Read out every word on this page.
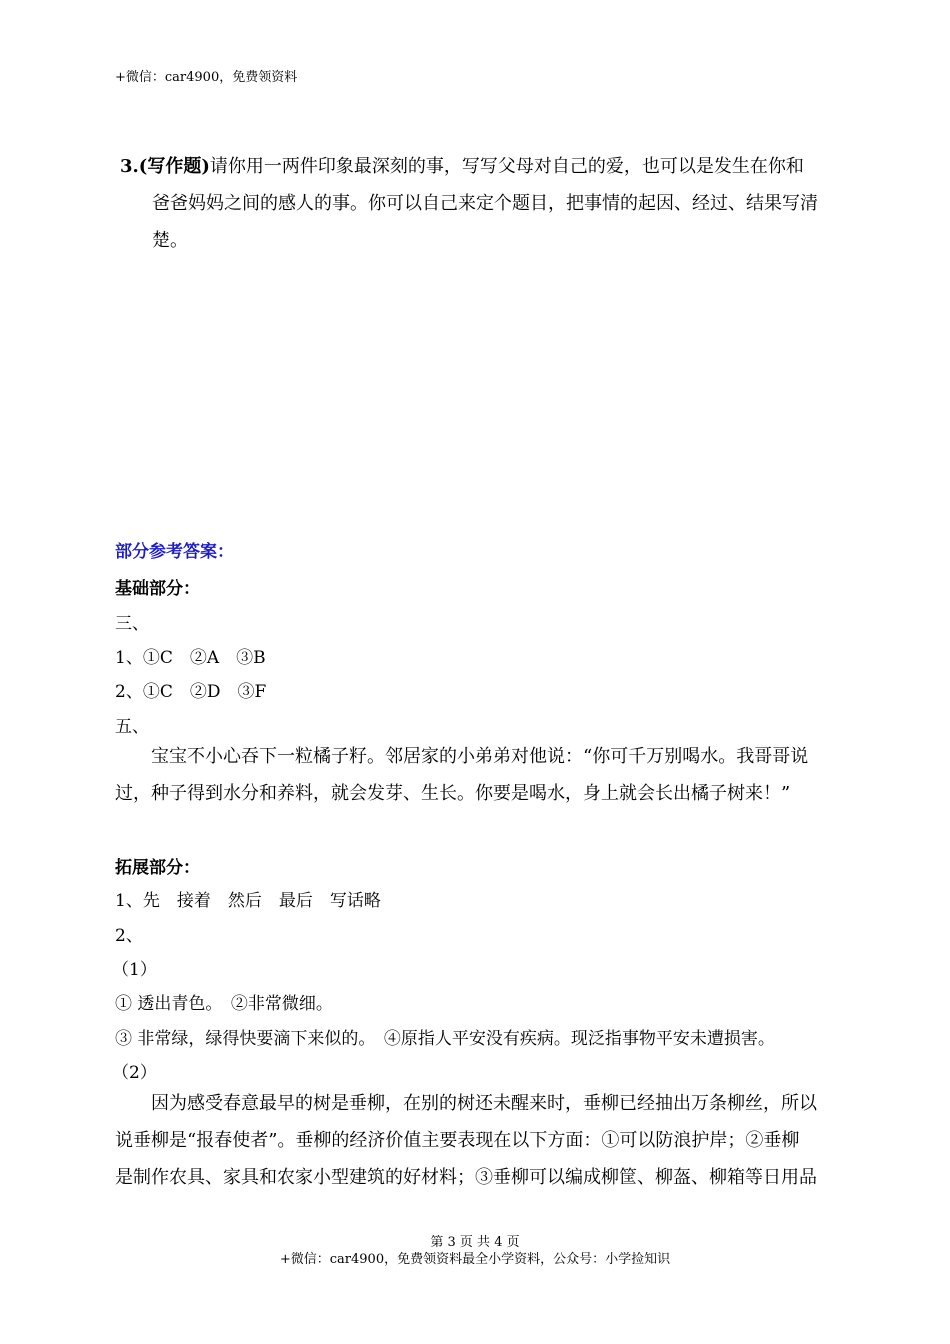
+微信：car4900，免费领资料
3.(写作题)请你用一两件印象最深刻的事，写写父母对自己的爱，也可以是发生在你和
爸爸妈妈之间的感人的事。你可以自己来定个题目，把事情的起因、经过、结果写清
楚。
部分参考答案：
基础部分：
三、
1、①C　②A　③B
2、①C　②D　③F
五、
宝宝不小心吞下一粒橘子籽。邻居家的小弟弟对他说：“你可千万别喝水。我哥哥说
过，种子得到水分和养料，就会发芽、生长。你要是喝水，身上就会长出橘子树来！”
拓展部分：
1、先　接着　然后　最后　写话略
2、
（1）
① 透出青色。　②非常微细。
③ 非常绿，绿得快要滴下来似的。　④原指人平安没有疾病。现泛指事物平安未遭损害。
（2）
因为感受春意最早的树是垂柳，在别的树还未醒来时，垂柳已经抽出万条柳丝，所以
说垂柳是“报春使者”。垂柳的经济价值主要表现在以下方面：①可以防浪护岸；②垂柳
是制作农具、家具和农家小型建筑的好材料；③垂柳可以编成柳筐、柳盔、柳箱等日用品
第 3 页 共 4 页
+微信：car4900，免费领资料最全小学资料，公众号：小学捡知识
